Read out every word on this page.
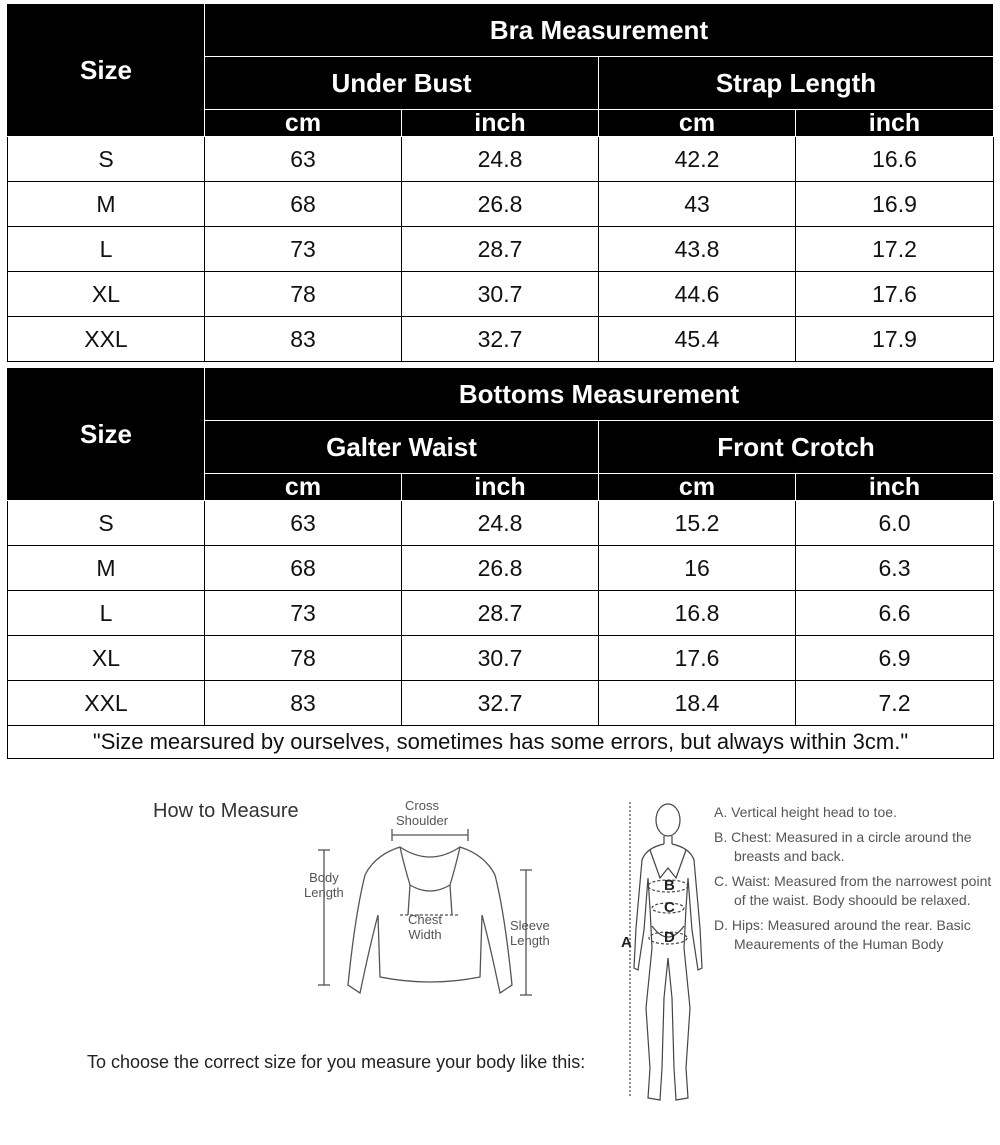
Size	Bra Measurement			
	Under Bust		Strap Length	
	cm	inch	cm	inch
S	63	24.8	42.2	16.6
M	68	26.8	43	16.9
L	73	28.7	43.8	17.2
XL	78	30.7	44.6	17.6
XXL	83	32.7	45.4	17.9
Size	Bottoms Measurement			
	Galter Waist		Front Crotch	
	cm	inch	cm	inch
S	63	24.8	15.2	6.0
M	68	26.8	16	6.3
L	73	28.7	16.8	6.6
XL	78	30.7	17.6	6.9
XXL	83	32.7	18.4	7.2
"Size mearsured by ourselves, sometimes has some errors, but always within 3cm."				
How to Measure	Cross
Shoulder
Body
Length
Chest
Width
Sleeve
Length
To choose the correct size for you measure your body like this:
A
B
C
D
A. Vertical height head to toe.
B. Chest: Measured in a circle around the breasts and back.
C. Waist: Measured from the narrowest point of the waist. Body shoould be relaxed.
D. Hips: Measured around the rear. Basic Meaurements of the Human Body
